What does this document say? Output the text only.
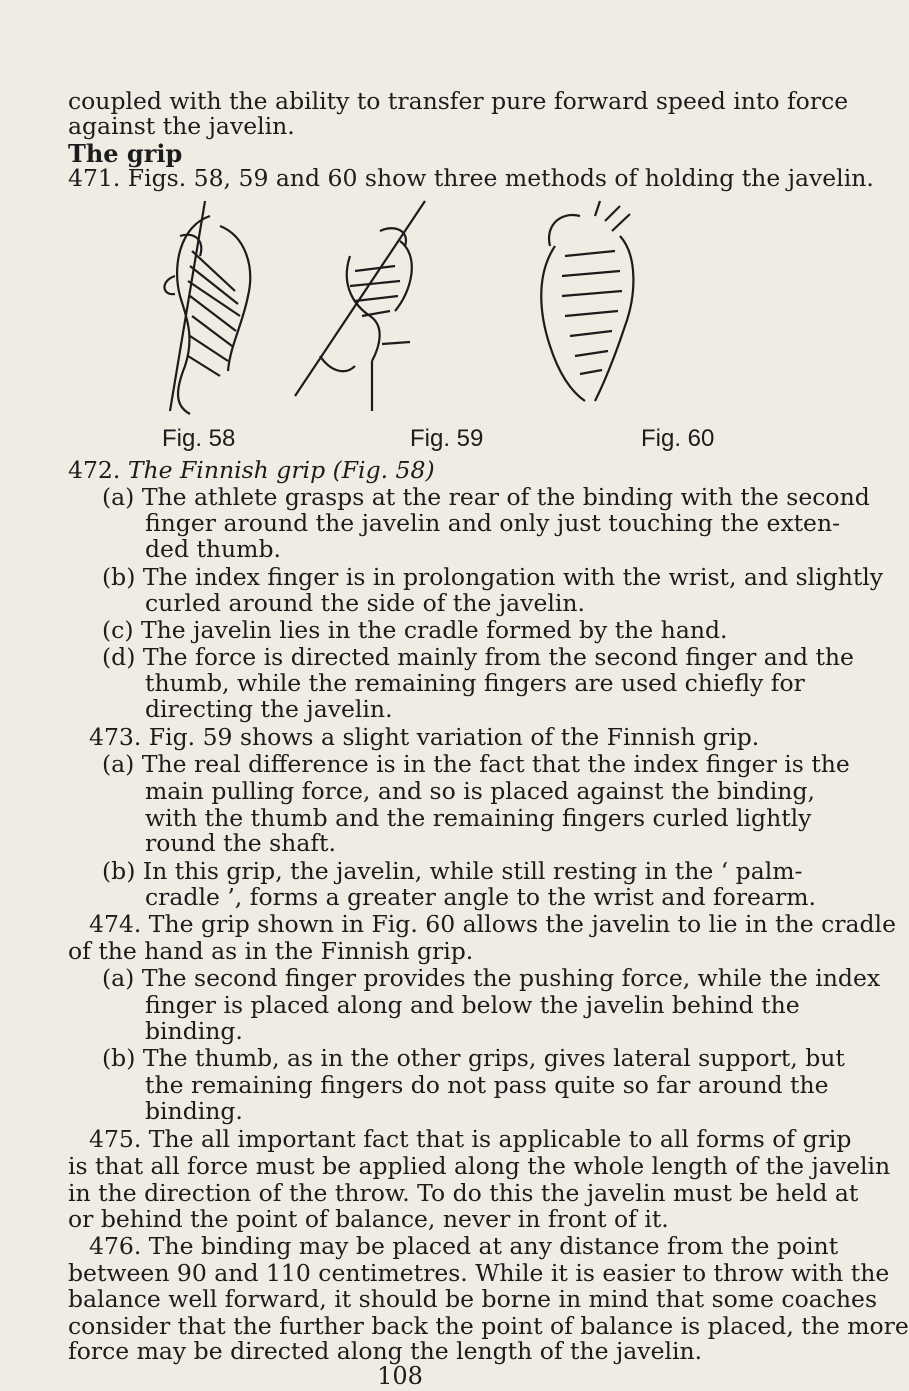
coupled with the ability to transfer pure forward speed into force
against the javelin.
The grip
471. Figs. 58, 59 and 60 show three methods of holding the javelin.
Fig. 58	Fig. 59	Fig. 60
472. The Finnish grip (Fig. 58)
(a) The athlete grasps at the rear of the binding with the second
finger around the javelin and only just touching the exten-
ded thumb.
(b) The index finger is in prolongation with the wrist, and slightly
curled around the side of the javelin.
(c) The javelin lies in the cradle formed by the hand.
(d) The force is directed mainly from the second finger and the
thumb, while the remaining fingers are used chiefly for
directing the javelin.
473. Fig. 59 shows a slight variation of the Finnish grip.
(a) The real difference is in the fact that the index finger is the
main pulling force, and so is placed against the binding,
with the thumb and the remaining fingers curled lightly
round the shaft.
(b) In this grip, the javelin, while still resting in the ‘ palm-
cradle ’, forms a greater angle to the wrist and forearm.
474. The grip shown in Fig. 60 allows the javelin to lie in the cradle
of the hand as in the Finnish grip.
(a) The second finger provides the pushing force, while the index
finger is placed along and below the javelin behind the
binding.
(b) The thumb, as in the other grips, gives lateral support, but
the remaining fingers do not pass quite so far around the
binding.
475. The all important fact that is applicable to all forms of grip
is that all force must be applied along the whole length of the javelin
in the direction of the throw. To do this the javelin must be held at
or behind the point of balance, never in front of it.
476. The binding may be placed at any distance from the point
between 90 and 110 centimetres. While it is easier to throw with the
balance well forward, it should be borne in mind that some coaches
consider that the further back the point of balance is placed, the more
force may be directed along the length of the javelin.
108
